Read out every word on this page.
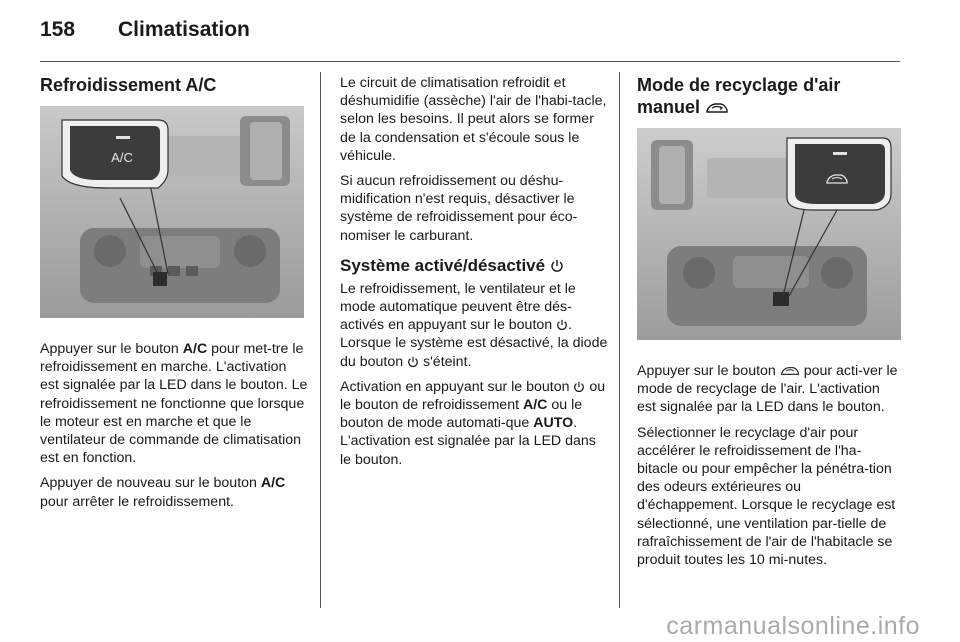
158 Climatisation
Refroidissement A/C
A/C

Appuyer sur le bouton A/C pour met-tre le refroidissement en marche. L'activation est signalée par la LED dans le bouton. Le refroidissement ne fonctionne que lorsque le moteur est en marche et que le ventilateur de commande de climatisation est en fonction.

Appuyer de nouveau sur le bouton A/C pour arrêter le refroidissement.

Le circuit de climatisation refroidit et déshumidifie (assèche) l'air de l'habi-tacle, selon les besoins. Il peut alors se former de la condensation et s'écoule sous le véhicule.

Si aucun refroidissement ou déshu-midification n'est requis, désactiver le système de refroidissement pour éco-nomiser le carburant.

Système activé/désactivé

Le refroidissement, le ventilateur et le mode automatique peuvent être dés-activés en appuyant sur le bouton . Lorsque le système est désactivé, la diode du bouton  s'éteint.

Activation en appuyant sur le bouton  ou le bouton de refroidissement A/C ou le bouton de mode automati-que AUTO. L'activation est signalée par la LED dans le bouton.

Mode de recyclage d'air manuel

Appuyer sur le bouton  pour acti-ver le mode de recyclage de l'air. L'activation est signalée par la LED dans le bouton.

Sélectionner le recyclage d'air pour accélérer le refroidissement de l'ha-bitacle ou pour empêcher la pénétra-tion des odeurs extérieures ou d'échappement. Lorsque le recyclage est sélectionné, une ventilation par-tielle de rafraîchissement de l'air de l'habitacle se produit toutes les 10 mi-nutes.

carmanualsonline.info
